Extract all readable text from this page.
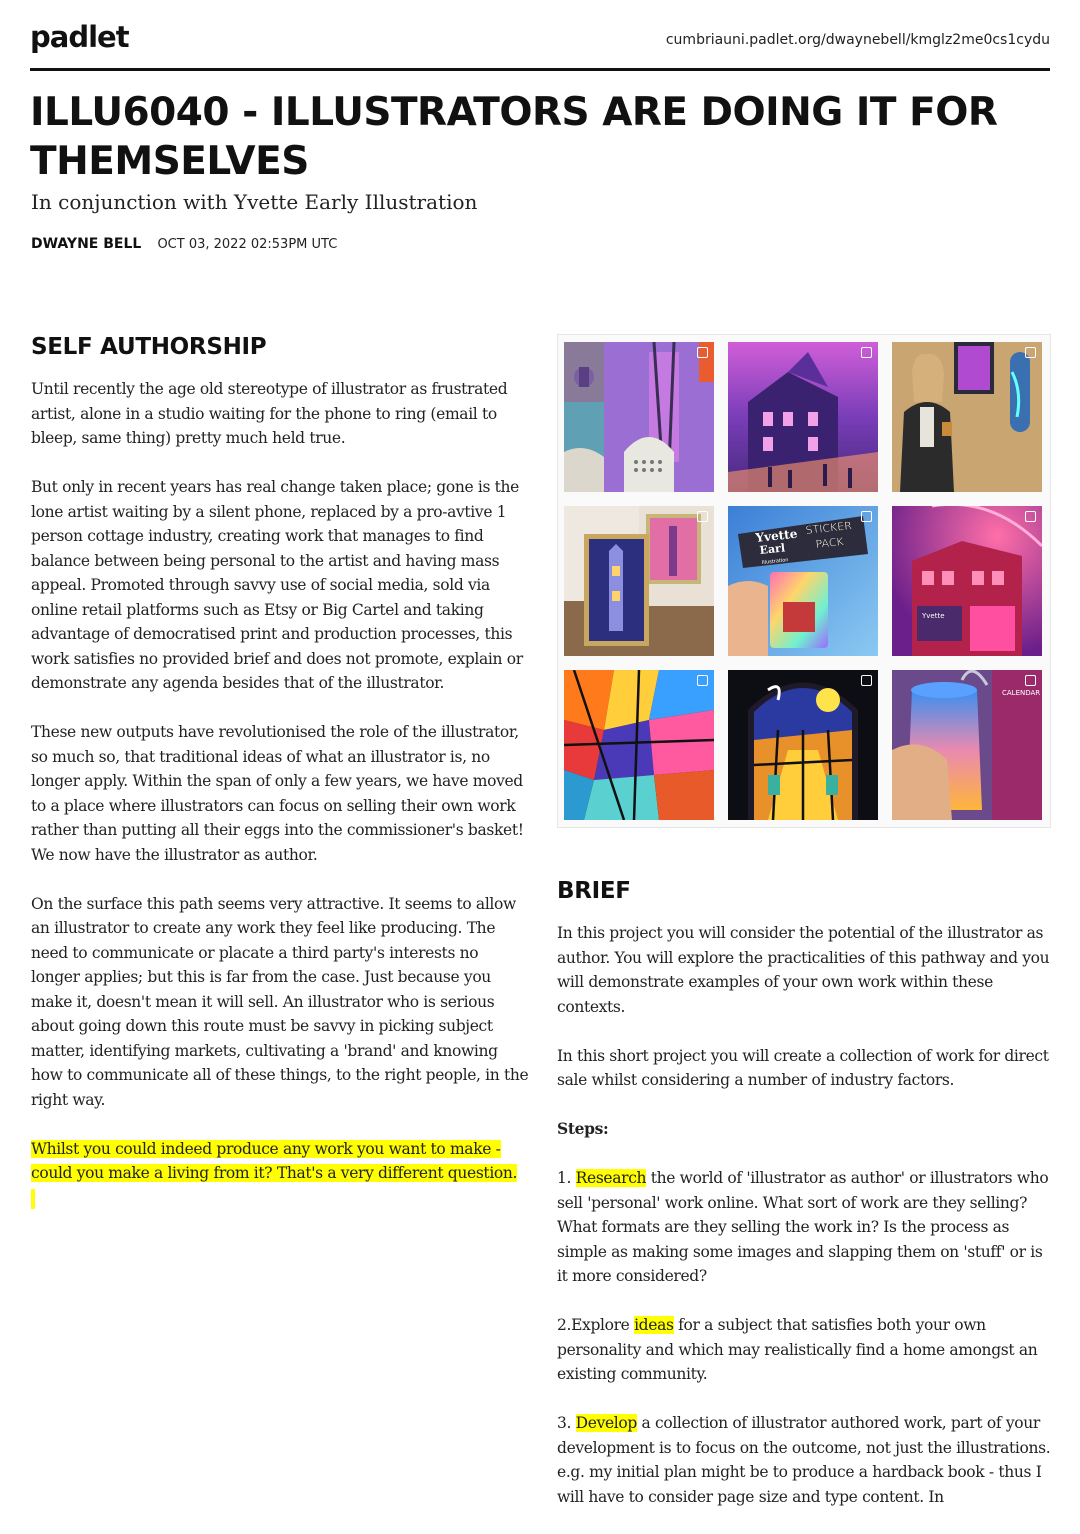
padlet	cumbriauni.padlet.org/dwaynebell/kmglz2me0cs1cydu
ILLU6040 - ILLUSTRATORS ARE DOING IT FOR THEMSELVES

In conjunction with Yvette Early Illustration

DWAYNE BELL OCT 03, 2022 02:53PM UTC
SELF AUTHORSHIP

Until recently the age old stereotype of illustrator as frustrated artist, alone in a studio waiting for the phone to ring (email to bleep, same thing) pretty much held true.

But only in recent years has real change taken place; gone is the lone artist waiting by a silent phone, replaced by a pro-avtive 1 person cottage industry, creating work that manages to find balance between being personal to the artist and having mass appeal. Promoted through savvy use of social media, sold via online retail platforms such as Etsy or Big Cartel and taking advantage of democratised print and production processes, this work satisfies no provided brief and does not promote, explain or demonstrate any agenda besides that of the illustrator.

These new outputs have revolutionised the role of the illustrator, so much so, that traditional ideas of what an illustrator is, no longer apply. Within the span of only a few years, we have moved to a place where illustrators can focus on selling their own work rather than putting all their eggs into the commissioner's basket! We now have the illustrator as author.

On the surface this path seems very attractive. It seems to allow an illustrator to create any work they feel like producing. The need to communicate or placate a third party's interests no longer applies; but this is far from the case. Just because you make it, doesn't mean it will sell. An illustrator who is serious about going down this route must be savvy in picking subject matter, identifying markets, cultivating a 'brand' and knowing how to communicate all of these things, to the right people, in the right way.

Whilst you could indeed produce any work you want to make - could you make a living from it? That's a very different question.

Yvette
Earl
Illustration
STICKER
PACK
Yvette
CALENDAR
BRIEF

In this project you will consider the potential of the illustrator as author. You will explore the practicalities of this pathway and you will demonstrate examples of your own work within these contexts.

In this short project you will create a collection of work for direct sale whilst considering a number of industry factors.

Steps:

1. Research the world of 'illustrator as author' or illustrators who sell 'personal' work online. What sort of work are they selling? What formats are they selling the work in? Is the process as simple as making some images and slapping them on 'stuff' or is it more considered?

2.Explore ideas for a subject that satisfies both your own personality and which may realistically find a home amongst an existing community.

3. Develop a collection of illustrator authored work, part of your development is to focus on the outcome, not just the illustrations. e.g. my initial plan might be to produce a hardback book - thus I will have to consider page size and type content. In
